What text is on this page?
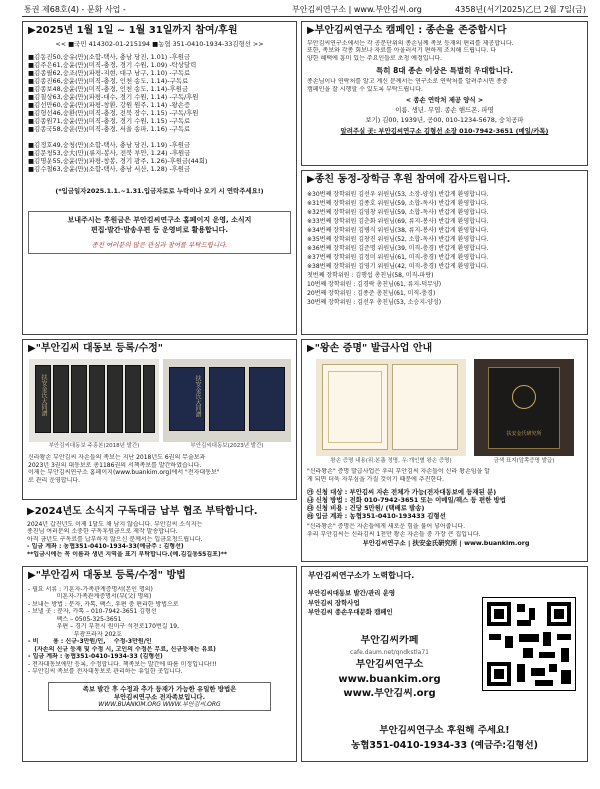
통권 제68호(4) - 문화 사업 -	부안김씨연구소 | www.부안김씨.org	4358년(서기2025)乙巳 2월 7일(금)
▶2025년 1월 1일 ~ 1월 31일까지 참여/후원
<< ■국민 414302-01-215194 ■농협 351-0410-1934-33김형선 >>
■김동진50,숭유(만)(소합-택사, 충남 당진, 1.01) -후원금
■김주은61,숭윤(만)(미직-충경, 경기 수원, 1.09) -탁상달력
■김종필62,숭조(만)(파평-지현, 대구 남구, 1.10) -구독료
■김종진66,숭윤(만)(미직-충경, 인천 송도, 1.14)-구독료
■김종보48,숭윤(만)(미직-충경, 인천 송도, 1.14)-후원금
■김칠상63,숭윤(만)(파평-대수, 경기 수원, 1.14) -구독/후원
■김선만60,숭윤(만)(파평-창환, 강원 원주, 1.14) -왕손증
■김형선46,숭환(만)(미직-충경, 전북 장수, 1.15) -구독/후원
■김종원71,숭윤(만)(미직-충경, 경기 수원, 1.15) -구독료
■김종국58,숭운(만)(미직-충경, 서울 송파, 1.16) -구독료
■김정호49,숭청(만)(소합-택사, 충남 당진, 1.19) -후원금
■김문청53,숭大(만)(류지-봉사, 전북 부안, 1.24) -후원금
■김명운55,숭윤(만)(파평-창봉, 경기 광주, 1.26)-후원금(44회)
■김수철63,숭윤(만)(소합-택사, 충남 서산, 1.28) -후원금
(*입금일자2025.1.1.~1.31.입금자로로 누락이나 오기 시 연락주세요!)
보내주시는 후원금은 부안김씨연구소 홈페이지 운영, 소식지
편집·발간·발송우편 등 운영비로 활용합니다.
종친 여러분의 많은 관심과 참여를 부탁드립니다.
▶부안김씨연구소 캠페인 : 종손을 존중합시다
부안김씨연구소에서는 각 공문단위의 종손님께 족보 등재의 편리를 제공합니다.
또한, 족보와 각종 회보나 자료를 아울러서기 편하게 조치해 드립니다. 다
양한 혜택에 흥미 있는 주요인들로 초청 예정입니다.
특히 8대 종손 이상은 특별히 우대합니다.
종손님이나 연락처를 알고 계신 분께서는 연구소로 연락처를 알려주시면 종중
캠페인을 잘 시행할 수 있도록 부탁드립니다.
< 종손 연락처 제공 양식 >
이름. 생년. 무엽. 종손 핸드폰. 파명
보기) 김00, 1939년, 공00, 010-1234-5678, 숭치공파
알려주실 곳: 부안김씨연구소 김형선 소장 010-7942-3651 (메일/카톡)
▶종친 동정-장학금 후원 참여에 감사드립니다.
※30번째 장학위원 김선우 위원님(53, 소장-양성) 반갑게 환영합니다.
※31번째 장학위원 김종호 위원님(59, 소합-독사) 반갑게 환영합니다.
※32번째 장학위원 김영창 위원님(59, 소합-독사) 반갑게 환영합니다.
※33번째 장학위원 김춘화 위원님(69, 류지-봉사) 반갑게 환영합니다.
※34번째 장학위원 김병식 위원님(38, 류지-봉사) 반갑게 환영합니다.
※35번째 장학위원 김창진 위원님(52, 소합-독사) 반갑게 환영합니다.
※36번째 장학위원 김준명 위원님(39, 미직-충경) 반갑게 환영합니다.
※37번째 장학위원 김정미 위원님(61, 미직-충경) 반갑게 환영합니다.
※38번째 장학위원 김영기 위원님(42, 미직-충경) 반갑게 환영합니다.
첫번째 장학위원 : 김행섭 총친님(58, 미직-파랑)
10번째 장학위원 : 김경락 총친님(61, 류지-덕무양)
20번째 장학위원 : 김종준 총친님(61, 미직-충경)
30번째 장학위원 : 김선우 총친님(53, 소승지-양성)
▶"부안김씨 대동보 등록/수정"
扶安金氏大同譜
부안김씨대동보 주흥본(2018년 발간)
扶安金氏大同譜
부안김씨대동보(2023년 발간)
신라왕손 부안김씨 자손들의 족보는 지난 2018년도 6권의 무술보과
2023년 3권의 대동보로 총1186권의 서책족보를 발간하였습니다.
이제는 부안김씨연구소 홈페이지(www.buankim.org)에서 "전자대동보"
로 관리 운영합니다.
▶2024년도 소식지 구독대금 납부 협조 부탁합니다.
2024년 갑진년도 이제 1달도 채 남지 않습니다. 부안김씨 소식지는
종친님 여러분의 소중한 구독후원금으로 제작 발송합니다.
아직 금년도 구독료를 납부하지 않으신 분께서는 입금요청드립니다.
- 입금 계좌 : 농협351-0410-1934-33(예금주 : 김형선)
**입금시에는 꼭 이름과 생년 지역을 표기 부탁합니다.(예.김길동55김포)**
▶"왕손 증명" 발급사업 안내
왕손 증명 내용(위:본좁 정명, 우:개인별 왕손 증명)
扶安金氏研究所
금색 표지(앞쪽증명 발급)
"신라왕손" 증명 발급사업은 우리 부안김씨 자손들이 신라 왕손임을 알
게 되면 더욱 자부심을 가질 것이기 때문에 추진한다.
㉮ 신청 대상 : 부안김씨 자손 전체가 가능(전자대동보에 등재된 분)
㉯ 신청 방법 : 전화 010-7942-3651 또는 이메일/팩스 등 편한 방법
㉰ 신청 비용 : 건당 5만원/ (택배로 발송)
㉱ 입금 계좌 : 농협351-0410-193433 김형선
"신라왕손" 증명은 자손들에게 새로운 힘을 불어 넣어줍니다.
우리 부안김씨는 신라김씨 1천만 왕손 자손들 중 가장 큰 집입니다.
부안김씨연구소 | 扶安金氏研究所 | www.buankim.org
▶"부안김씨 대동보 등록/수정" 방법
- 필요 서류 : 기혼자-가족관계증명서(본인 명의)
미혼자-가족관계증명서(부(父) 명의)
- 보내는 방법 : 문자, 카톡, 팩스, 우편 중 편리한 방법으로
- 보낼 곳 : 문자, 카톡 – 010-7942-3651 김형선
팩스 – 0505-325-3651
우편 – 경기 부천시 원미구 석천로170번길 19,
부광프라자 202호
- 비       용 : 신규-3만원/인,    수정-3만원/인
(자손의 신규 등재 및 수정 시, 고인의 수정은 무료, 신규등재는 유료)
- 입금 계좌 : 농협351-0410-1934-33 (김형선)
- 전자대동보에만 등록, 수정합니다. 책족보는 발간에 따름 미정입니다!!!
- 부안김씨 족보를 전자대동보로 관리하는 유일한 곳입니다.
족보 발간 후 수정과 추가 등재가 가능한 유일한 방법은
부안김씨연구소 전자족보입니다.
WWW.BUANKIM.ORG WWW.부안김씨.ORG
부안김씨연구소가 노력합니다.
부안김씨대동보 발간/관리 운영
부안김씨 장학사업
부안김씨 종손우대문화 캠페인
부안김씨카페
cafe.daum.net/qndkstla71
부안김씨연구소
www.buankim.org
www.부안김씨.org
부안김씨연구소 후원해 주세요!
농협351-0410-1934-33 (예금주:김형선)
